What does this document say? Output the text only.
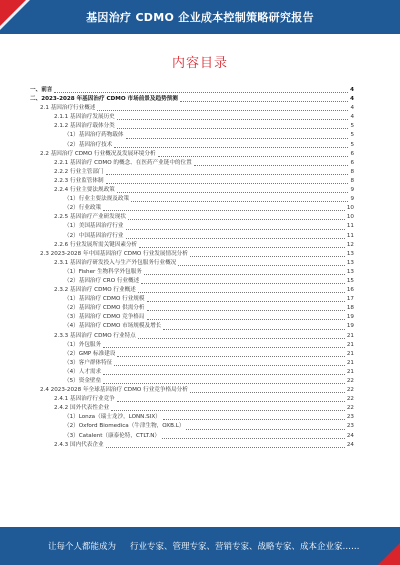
基因治疗 CDMO 企业成本控制策略研究报告
内容目录
一、前言	4
二、2023-2028 年基因治疗 CDMO 市场前景及趋势预测	4
2.1 基因治疗行业概述	4
2.1.1 基因治疗发展历史	4
2.1.2 基因治疗载体分类	5
（1）基因治疗药物载体	5
（2）基因治疗技术	5
2.2 基因治疗 CDMO 行业概况及发展环境分析	6
2.2.1 基因治疗 CDMO 的概念、在医药产业链中的位置	6
2.2.2 行业主管部门	8
2.2.3 行业监管体制	8
2.2.4 行业主要法规政策	9
（1）行业主要法规及政策	9
（2）行业政策	10
2.2.5 基因治疗产业研发现状	10
（1）美国基因治疗行业	11
（2）中国基因治疗行业	11
2.2.6 行业发展所需关键因素分析	12
2.3 2023-2028 年中国基因治疗 CDMO 行业发展情况分析	13
2.3.1 基因治疗研发投入与生产外包服务行业概况	13
（1）Fisher 生物科学外包服务	13
（2）基因治疗 CRO 行业概述	15
2.3.2 基因治疗 CDMO 行业概述	16
（1）基因治疗 CDMO 行业规模	17
（2）基因治疗 CDMO 供需分析	18
（3）基因治疗 CDMO 竞争格局	19
（4）基因治疗 CDMO 市场规模及增长	19
2.3.3 基因治疗 CDMO 行业特点	21
（1）外包服务	21
（2）GMP 标准建设	21
（3）客户群体特征	21
（4）人才需求	21
（5）资金壁垒	22
2.4 2023-2028 年全球基因治疗 CDMO 行业竞争格局分析	22
2.4.1 基因治疗行业竞争	22
2.4.2 国外代表性企业	22
（1）Lonza（瑞士龙沙，LONN.SIX）	23
（2）Oxford Biomedica（牛津生物，OXB.L）	23
（3）Catalent（康泰伦特，CTLT.N）	24
2.4.3 国内代表企业	24
让每个人都能成为 行业专家、管理专家、营销专家、战略专家、成本企业家……
